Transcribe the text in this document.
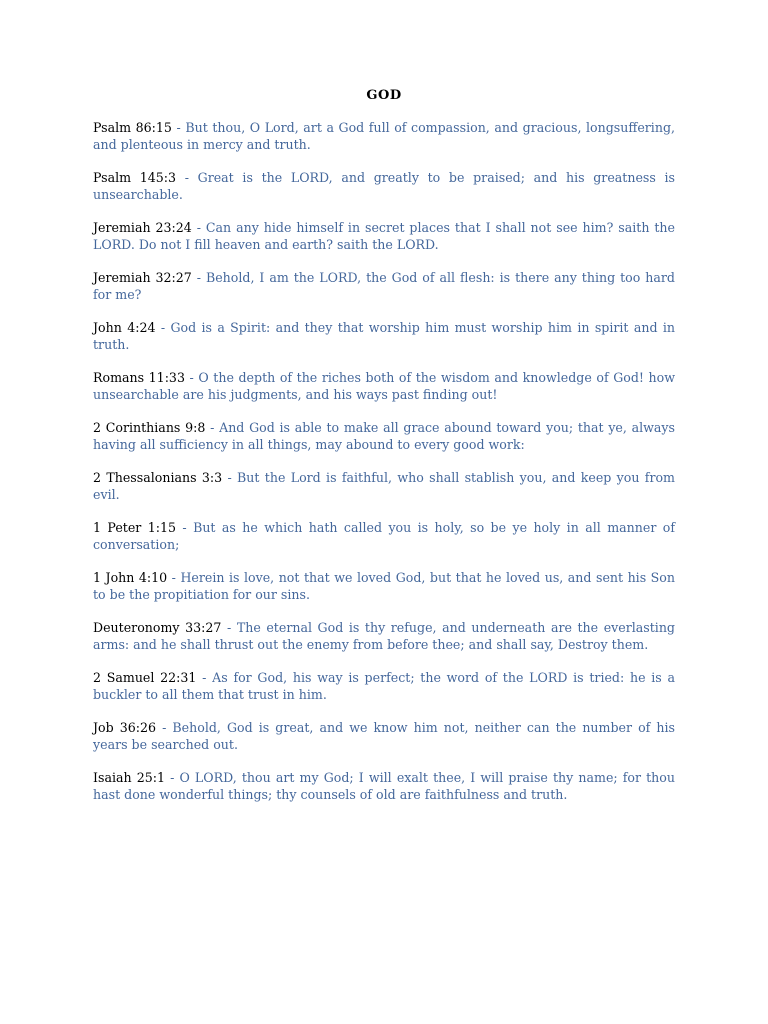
GOD
Psalm 86:15 - But thou, O Lord, art a God full of compassion, and gracious, longsuffering, and plenteous in mercy and truth.
Psalm 145:3 - Great is the LORD, and greatly to be praised; and his greatness is unsearchable.
Jeremiah 23:24 - Can any hide himself in secret places that I shall not see him? saith the LORD. Do not I fill heaven and earth? saith the LORD.
Jeremiah 32:27 - Behold, I am the LORD, the God of all flesh: is there any thing too hard for me?
John 4:24 - God is a Spirit: and they that worship him must worship him in spirit and in truth.
Romans 11:33 - O the depth of the riches both of the wisdom and knowledge of God! how unsearchable are his judgments, and his ways past finding out!
2 Corinthians 9:8 - And God is able to make all grace abound toward you; that ye, always having all sufficiency in all things, may abound to every good work:
2 Thessalonians 3:3 - But the Lord is faithful, who shall stablish you, and keep you from evil.
1 Peter 1:15 - But as he which hath called you is holy, so be ye holy in all manner of conversation;
1 John 4:10 - Herein is love, not that we loved God, but that he loved us, and sent his Son to be the propitiation for our sins.
Deuteronomy 33:27 - The eternal God is thy refuge, and underneath are the everlasting arms: and he shall thrust out the enemy from before thee; and shall say, Destroy them.
2 Samuel 22:31 - As for God, his way is perfect; the word of the LORD is tried: he is a buckler to all them that trust in him.
Job 36:26 - Behold, God is great, and we know him not, neither can the number of his years be searched out.
Isaiah 25:1 - O LORD, thou art my God; I will exalt thee, I will praise thy name; for thou hast done wonderful things; thy counsels of old are faithfulness and truth.
